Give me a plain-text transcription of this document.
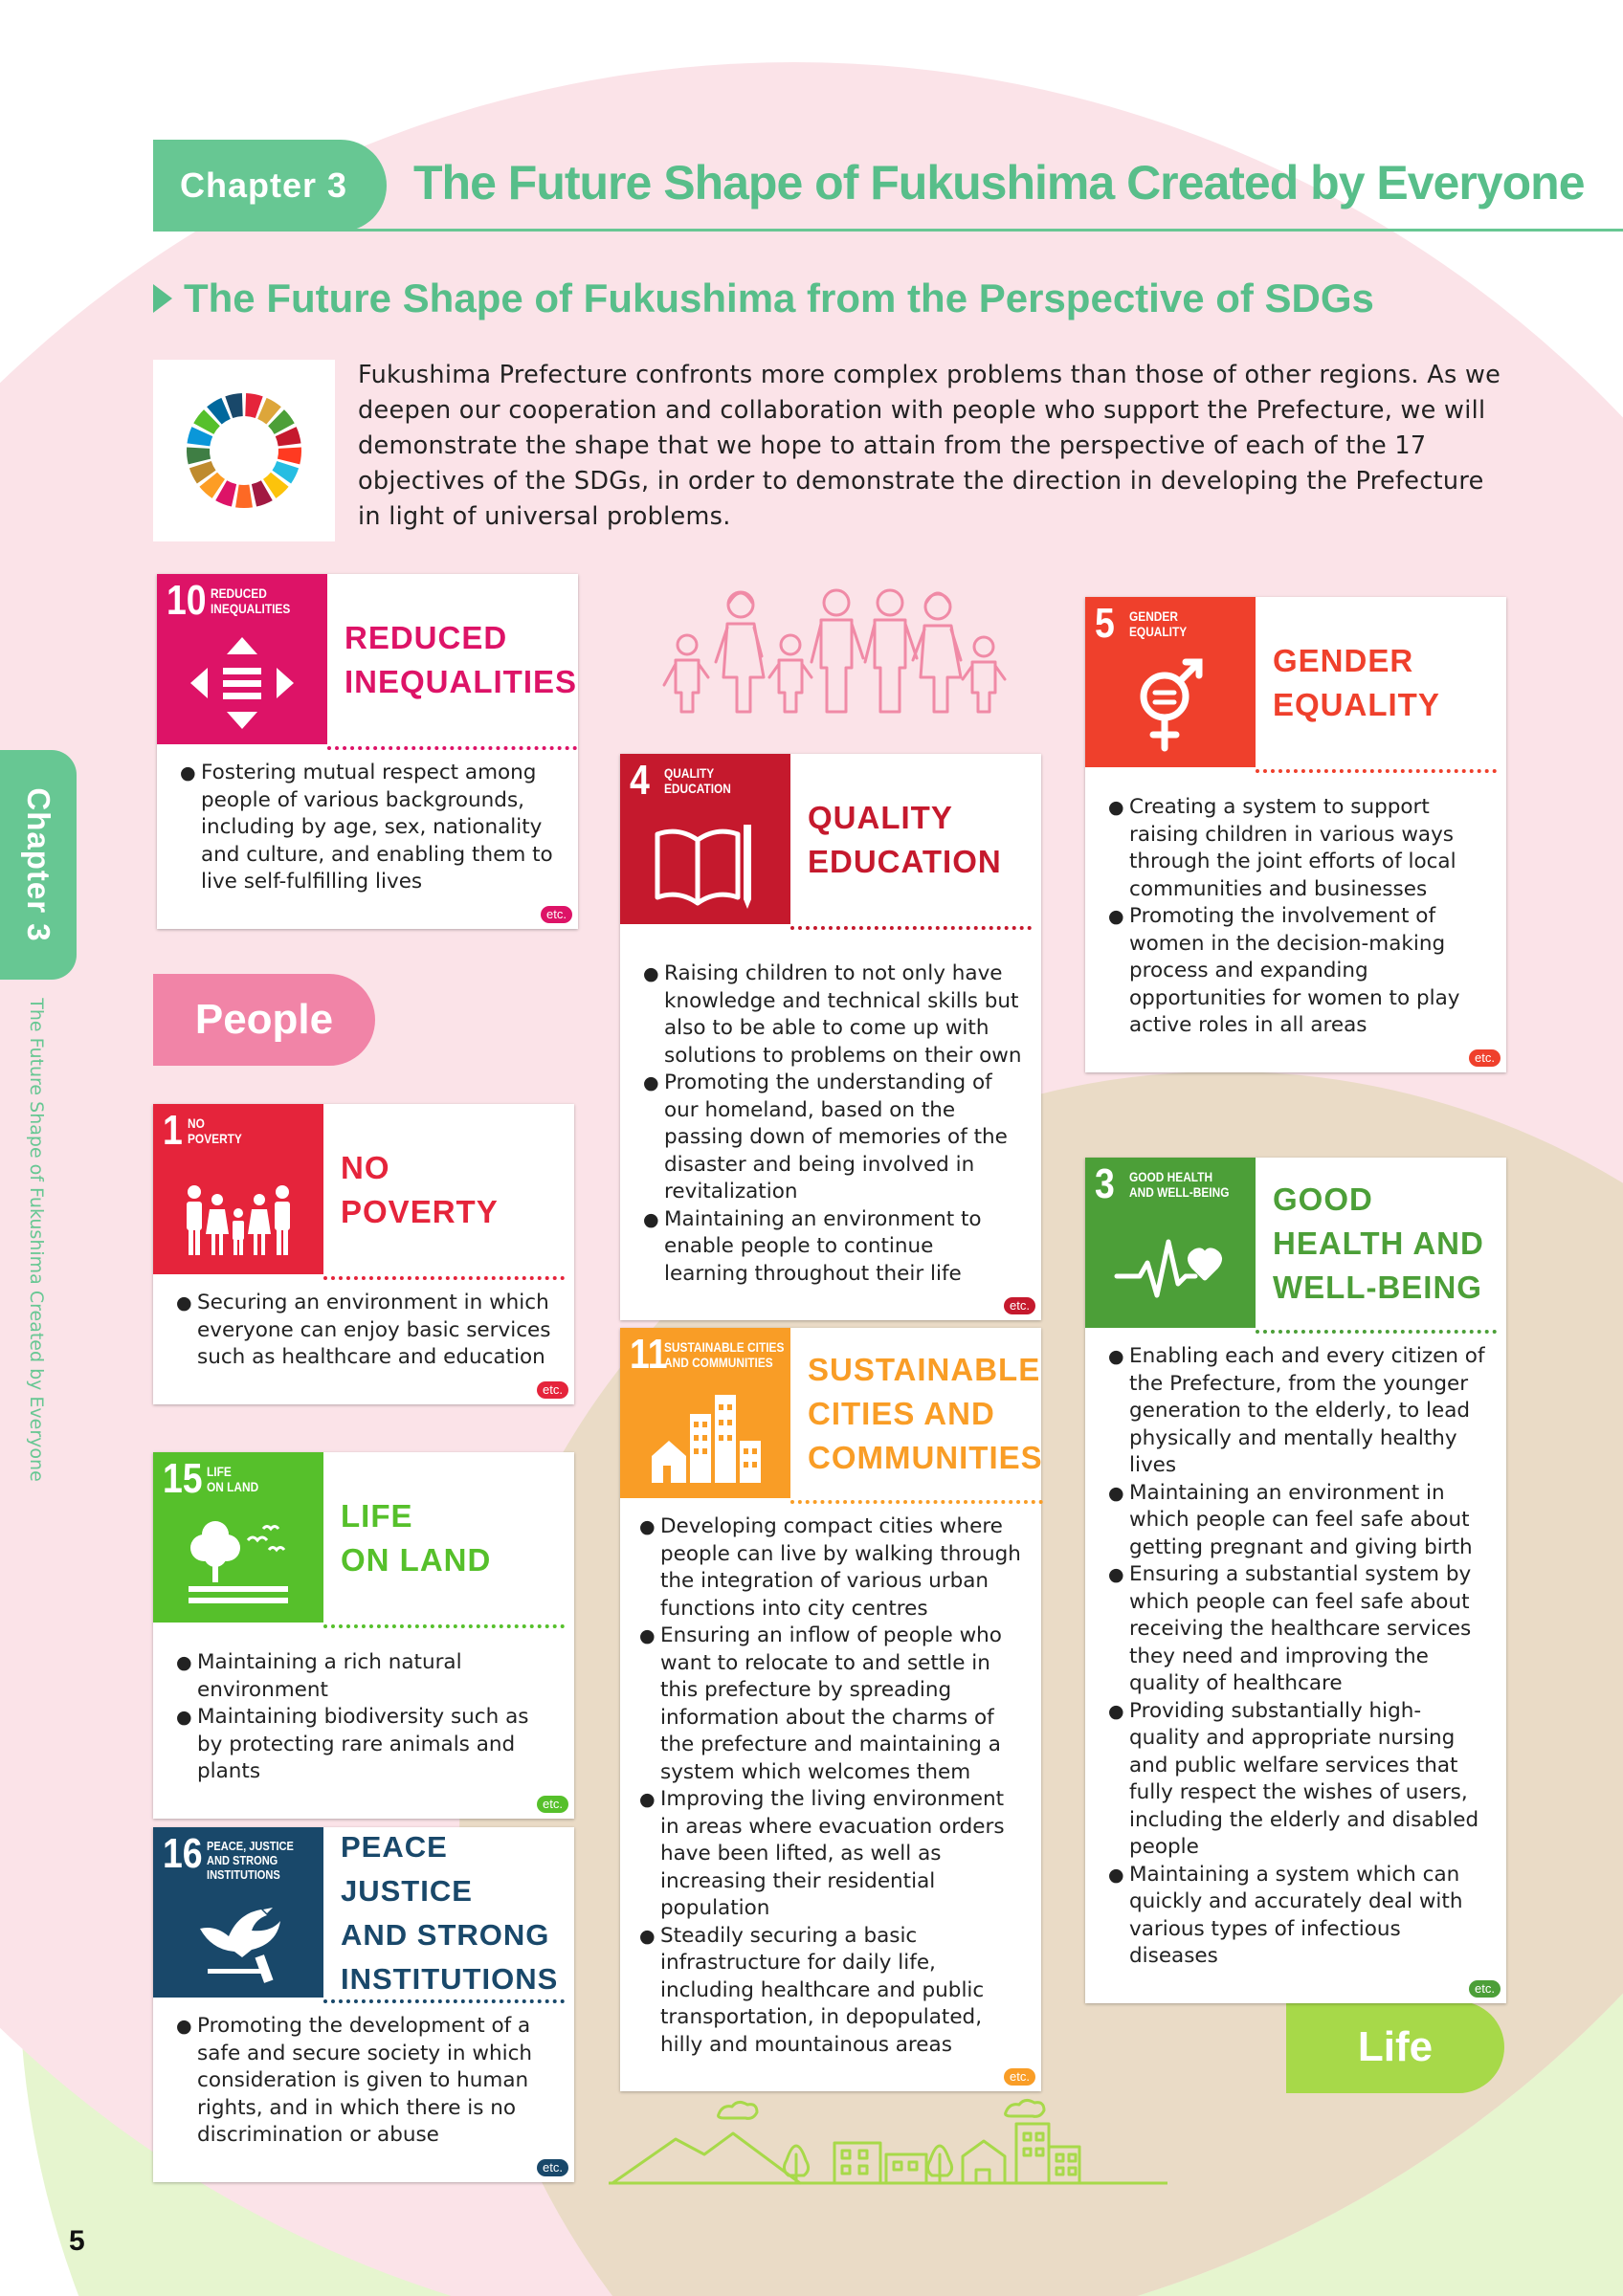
Chapter 3	The Future Shape of Fukushima Created by Everyone
The Future Shape of Fukushima from the Perspective of SDGs

Fukushima Prefecture confronts more complex problems than those of other regions. As we deepen our cooperation and collaboration with people who support the Prefecture, we will demonstrate the shape that we hope to attain from the perspective of each of the 17 objectives of the SDGs, in order to demonstrate the direction in developing the Prefecture in light of universal problems.

People
Life
Chapter 3
The Future Shape of Fukushima Created by Everyone
10 REDUCED
INEQUALITIES
REDUCED
INEQUALITIES
● Fostering mutual respect among people of various backgrounds, including by age, sex, nationality and culture, and enabling them to live self-fulfilling lives
etc.
4 QUALITY
EDUCATION
QUALITY
EDUCATION
● Raising children to not only have knowledge and technical skills but also to be able to come up with solutions to problems on their own
● Promoting the understanding of our homeland, based on the passing down of memories of the disaster and being involved in revitalization
● Maintaining an environment to enable people to continue learning throughout their life
etc.
5 GENDER
EQUALITY
GENDER
EQUALITY
● Creating a system to support raising children in various ways through the joint efforts of local communities and businesses
● Promoting the involvement of women in the decision-making process and expanding opportunities for women to play active roles in all areas
etc.
1 NO
POVERTY
NO
POVERTY
● Securing an environment in which everyone can enjoy basic services such as healthcare and education
etc.
3 GOOD HEALTH
AND WELL-BEING GOOD
HEALTH AND
WELL-BEING
● Enabling each and every citizen of the Prefecture, from the younger generation to the elderly, to lead physically and mentally healthy lives
● Maintaining an environment in which people can feel safe about getting pregnant and giving birth
● Ensuring a substantial system by which people can feel safe about receiving the healthcare services they need and improving the quality of healthcare
● Providing substantially high-quality and appropriate nursing and public welfare services that fully respect the wishes of users, including the elderly and disabled people
● Maintaining a system which can quickly and accurately deal with various types of infectious diseases
etc.
11
SUSTAINABLE CITIES
AND COMMUNITIES	SUSTAINABLE
CITIES AND
COMMUNITIES
● Developing compact cities where people can live by walking through the integration of various urban functions into city centres
● Ensuring an inflow of people who want to relocate to and settle in this prefecture by spreading information about the charms of the prefecture and maintaining a system which welcomes them
● Improving the living environment in areas where evacuation orders have been lifted, as well as increasing their residential population
● Steadily securing a basic infrastructure for daily life, including healthcare and public transportation, in depopulated, hilly and mountainous areas
etc.
15 LIFE
ON LAND
LIFE
ON LAND
● Maintaining a rich natural environment
● Maintaining biodiversity such as by protecting rare animals and plants
etc.
16 PEACE, JUSTICE
AND STRONG
INSTITUTIONS
PEACE JUSTICE
AND STRONG
INSTITUTIONS
● Promoting the development of a safe and secure society in which consideration is given to human rights, and in which there is no discrimination or abuse
etc.
5
